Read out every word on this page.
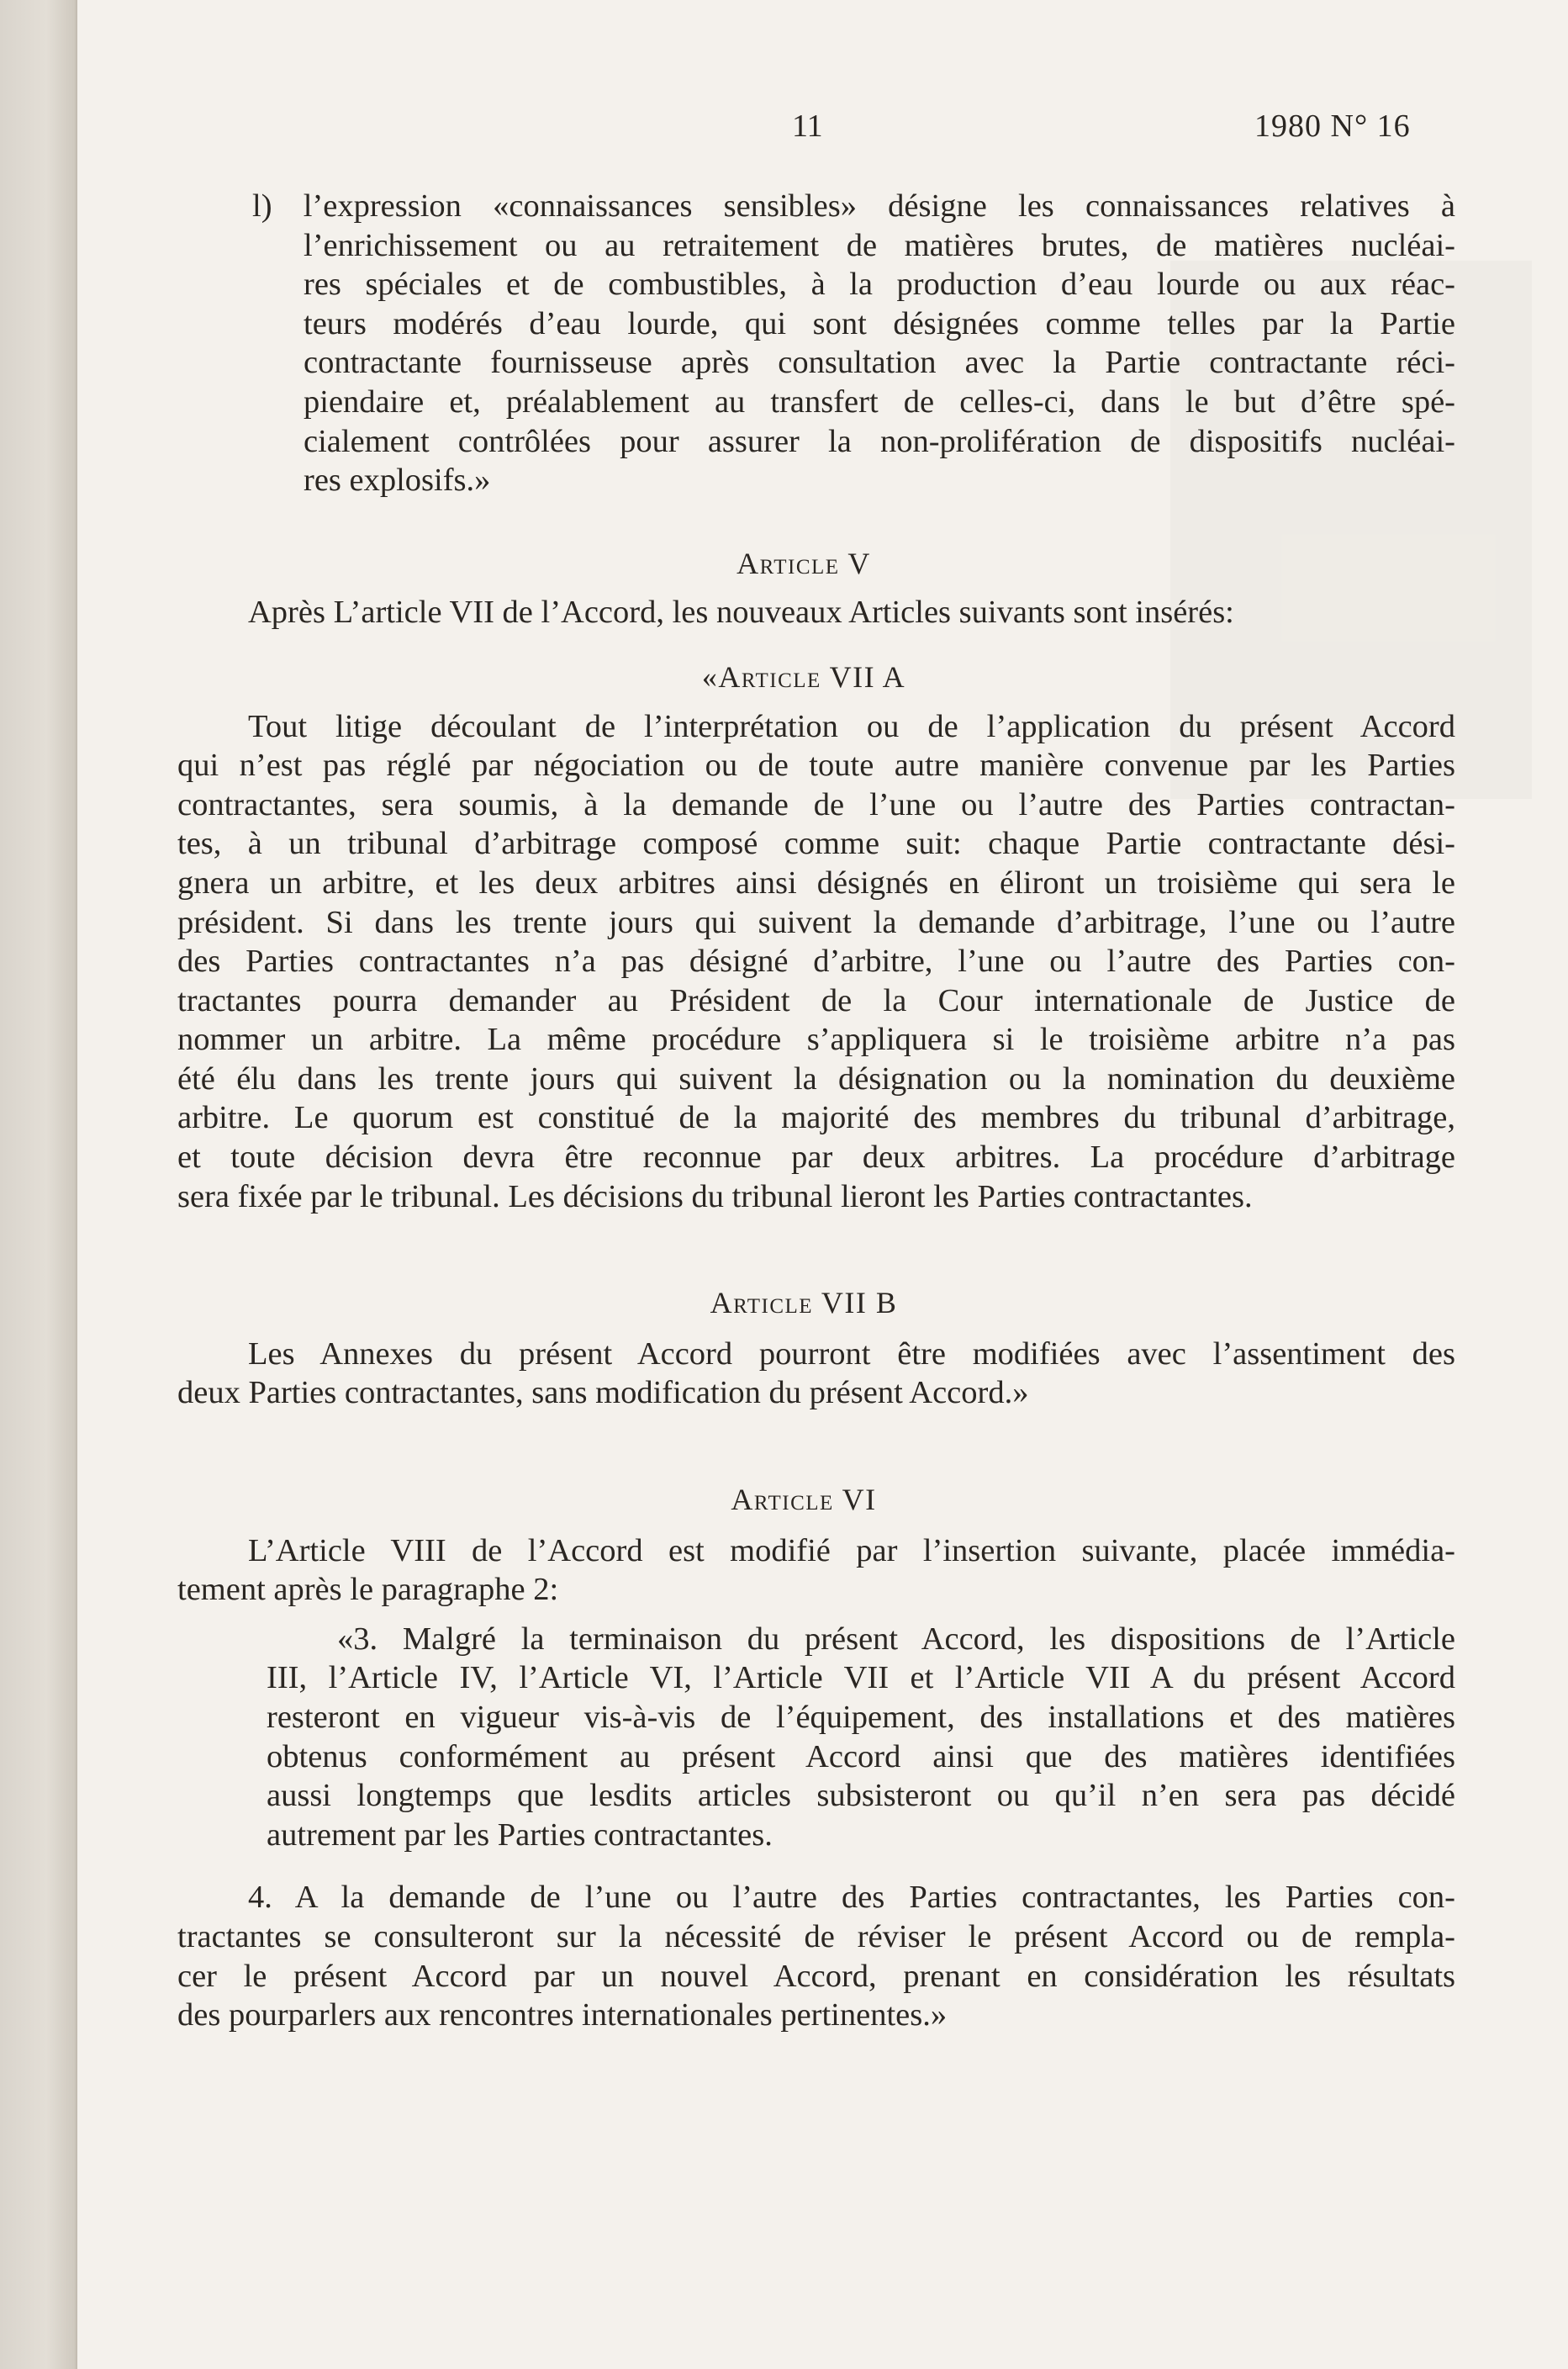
11	1980 N° 16
l) l’expression «connaissances sensibles» désigne les connaissances relatives à
l’enrichissement ou au retraitement de matières brutes, de matières nucléai-
res spéciales et de combustibles, à la production d’eau lourde ou aux réac-
teurs modérés d’eau lourde, qui sont désignées comme telles par la Partie
contractante fournisseuse après consultation avec la Partie contractante réci-
piendaire et, préalablement au transfert de celles-ci, dans le but d’être spé-
cialement contrôlées pour assurer la non-prolifération de dispositifs nucléai-
res explosifs.»
Article V

Après L’article VII de l’Accord, les nouveaux Articles suivants sont insérés:

«Article VII A
Tout litige découlant de l’interprétation ou de l’application du présent Accord
qui n’est pas réglé par négociation ou de toute autre manière convenue par les Parties
contractantes, sera soumis, à la demande de l’une ou l’autre des Parties contractan-
tes, à un tribunal d’arbitrage composé comme suit: chaque Partie contractante dési-
gnera un arbitre, et les deux arbitres ainsi désignés en éliront un troisième qui sera le
président. Si dans les trente jours qui suivent la demande d’arbitrage, l’une ou l’autre
des Parties contractantes n’a pas désigné d’arbitre, l’une ou l’autre des Parties con-
tractantes pourra demander au Président de la Cour internationale de Justice de
nommer un arbitre. La même procédure s’appliquera si le troisième arbitre n’a pas
été élu dans les trente jours qui suivent la désignation ou la nomination du deuxième
arbitre. Le quorum est constitué de la majorité des membres du tribunal d’arbitrage,
et toute décision devra être reconnue par deux arbitres. La procédure d’arbitrage
sera fixée par le tribunal. Les décisions du tribunal lieront les Parties contractantes.
Article VII B
Les Annexes du présent Accord pourront être modifiées avec l’assentiment des
deux Parties contractantes, sans modification du présent Accord.»
Article VI
L’Article VIII de l’Accord est modifié par l’insertion suivante, placée immédia-
tement après le paragraphe 2:
«3. Malgré la terminaison du présent Accord, les dispositions de l’Article
III, l’Article IV, l’Article VI, l’Article VII et l’Article VII A du présent Accord
resteront en vigueur vis-à-vis de l’équipement, des installations et des matières
obtenus conformément au présent Accord ainsi que des matières identifiées
aussi longtemps que lesdits articles subsisteront ou qu’il n’en sera pas décidé
autrement par les Parties contractantes.
4. A la demande de l’une ou l’autre des Parties contractantes, les Parties con-
tractantes se consulteront sur la nécessité de réviser le présent Accord ou de rempla-
cer le présent Accord par un nouvel Accord, prenant en considération les résultats
des pourparlers aux rencontres internationales pertinentes.»
